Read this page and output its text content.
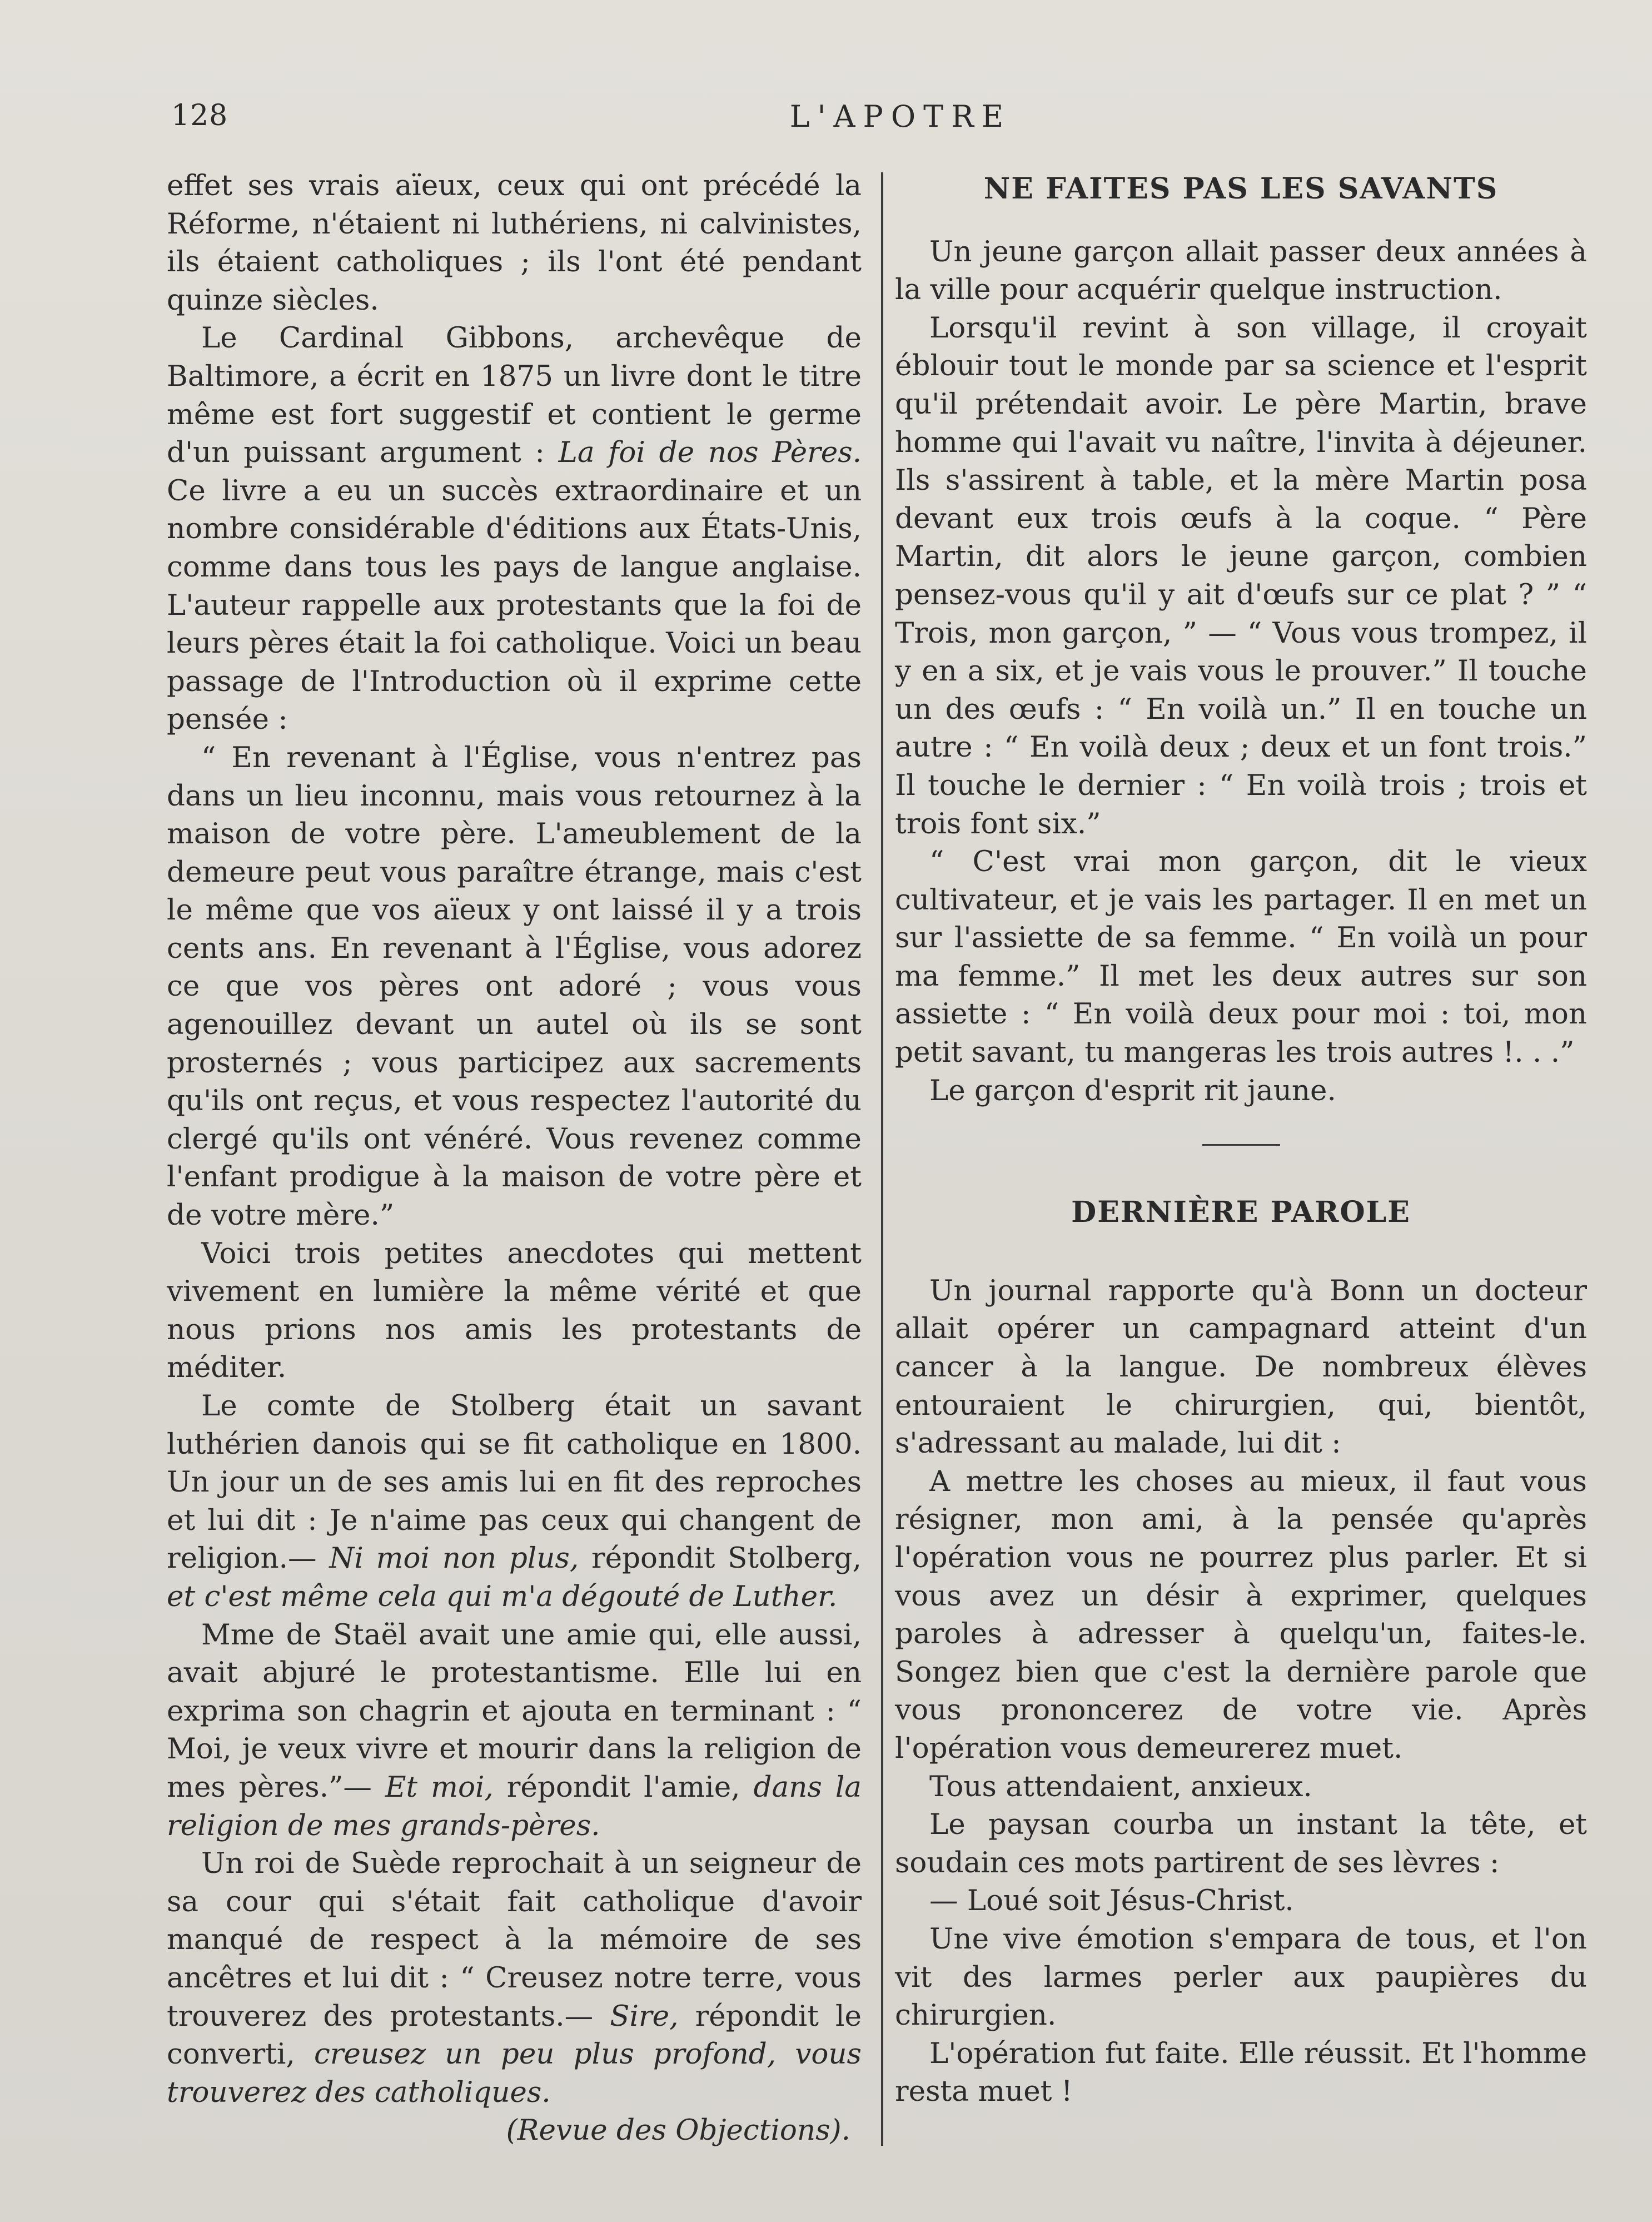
128	L'APOTRE

effet ses vrais aïeux, ceux qui ont précédé la Réforme, n'étaient ni luthériens, ni calvinistes, ils étaient catholiques ; ils l'ont été pendant quinze siècles.

Le Cardinal Gibbons, archevêque de Baltimore, a écrit en 1875 un livre dont le titre même est fort suggestif et contient le germe d'un puissant argument : La foi de nos Pères. Ce livre a eu un succès extraordinaire et un nombre considérable d'éditions aux États-Unis, comme dans tous les pays de langue anglaise. L'auteur rappelle aux protestants que la foi de leurs pères était la foi catholique. Voici un beau passage de l'Introduction où il exprime cette pensée :

“ En revenant à l'Église, vous n'entrez pas dans un lieu inconnu, mais vous retournez à la maison de votre père. L'ameublement de la demeure peut vous paraître étrange, mais c'est le même que vos aïeux y ont laissé il y a trois cents ans. En revenant à l'Église, vous adorez ce que vos pères ont adoré ; vous vous agenouillez devant un autel où ils se sont prosternés ; vous participez aux sacrements qu'ils ont reçus, et vous respectez l'autorité du clergé qu'ils ont vénéré. Vous revenez comme l'enfant prodigue à la maison de votre père et de votre mère.”

Voici trois petites anecdotes qui mettent vivement en lumière la même vérité et que nous prions nos amis les protestants de méditer.

Le comte de Stolberg était un savant luthérien danois qui se fit catholique en 1800. Un jour un de ses amis lui en fit des reproches et lui dit : Je n'aime pas ceux qui changent de religion.— Ni moi non plus, répondit Stolberg, et c'est même cela qui m'a dégouté de Luther.

Mme de Staël avait une amie qui, elle aussi, avait abjuré le protestantisme. Elle lui en exprima son chagrin et ajouta en terminant : “ Moi, je veux vivre et mourir dans la religion de mes pères.”— Et moi, répondit l'amie, dans la religion de mes grands-pères.

Un roi de Suède reprochait à un seigneur de sa cour qui s'était fait catholique d'avoir manqué de respect à la mémoire de ses ancêtres et lui dit : “ Creusez notre terre, vous trouverez des protestants.— Sire, répondit le converti, creusez un peu plus profond, vous trouverez des catholiques.

(Revue des Objections).

NE FAITES PAS LES SAVANTS

Un jeune garçon allait passer deux années à la ville pour acquérir quelque instruction.

Lorsqu'il revint à son village, il croyait éblouir tout le monde par sa science et l'esprit qu'il prétendait avoir. Le père Martin, brave homme qui l'avait vu naître, l'invita à déjeuner. Ils s'assirent à table, et la mère Martin posa devant eux trois œufs à la coque. “ Père Martin, dit alors le jeune garçon, combien pensez-vous qu'il y ait d'œufs sur ce plat ? ” “ Trois, mon garçon, ” — “ Vous vous trompez, il y en a six, et je vais vous le prouver.” Il touche un des œufs : “ En voilà un.” Il en touche un autre : “ En voilà deux ; deux et un font trois.” Il touche le dernier : “ En voilà trois ; trois et trois font six.”

“ C'est vrai mon garçon, dit le vieux cultivateur, et je vais les partager. Il en met un sur l'assiette de sa femme. “ En voilà un pour ma femme.” Il met les deux autres sur son assiette : “ En voilà deux pour moi : toi, mon petit savant, tu mangeras les trois autres !. . .”

Le garçon d'esprit rit jaune.

DERNIÈRE PAROLE

Un journal rapporte qu'à Bonn un docteur allait opérer un campagnard atteint d'un cancer à la langue. De nombreux élèves entouraient le chirurgien, qui, bientôt, s'adressant au malade, lui dit :

A mettre les choses au mieux, il faut vous résigner, mon ami, à la pensée qu'après l'opération vous ne pourrez plus parler. Et si vous avez un désir à exprimer, quelques paroles à adresser à quelqu'un, faites-le. Songez bien que c'est la dernière parole que vous prononcerez de votre vie. Après l'opération vous demeurerez muet.

Tous attendaient, anxieux.

Le paysan courba un instant la tête, et soudain ces mots partirent de ses lèvres :

— Loué soit Jésus-Christ.

Une vive émotion s'empara de tous, et l'on vit des larmes perler aux paupières du chirurgien.

L'opération fut faite. Elle réussit. Et l'homme resta muet !
